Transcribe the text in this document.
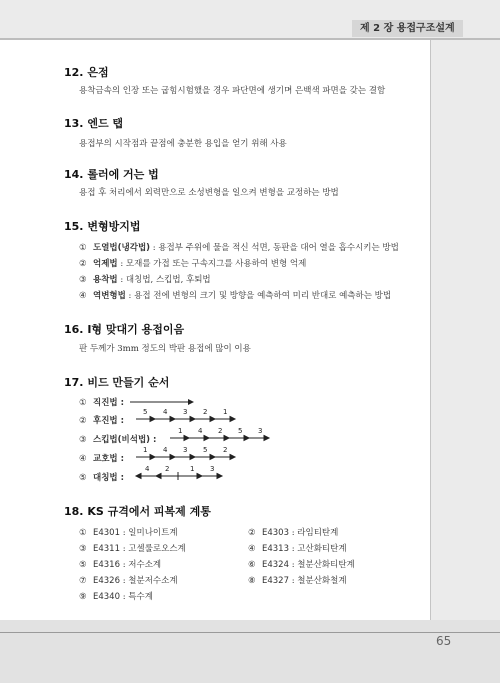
제 2 장 용접구조설계
12. 은점
용착금속의 인장 또는 굽힘시험했을 경우 파단면에 생기며 은백색 파면을 갖는 결함
13. 엔드 탭
용접부의 시작점과 끝점에 충분한 용입을 얻기 위해 사용
14. 롤러에 거는 법
용접 후 처리에서 외력만으로 소성변형을 일으켜 변형을 교정하는 방법
15. 변형방지법
① 도열법(냉각법) : 용접부 주위에 물을 적신 석면, 동판을 대어 열을 흡수시키는 방법
② 억제법 : 모재를 가접 또는 구속지그를 사용하여 변형 억제
③ 용착법 : 대칭법, 스킵법, 후퇴법
④ 역변형법 : 용접 전에 변형의 크기 및 방향을 예측하여 미리 반대로 예측하는 방법
16. I형 맞대기 용접이음
판 두께가 3mm 정도의 박판 용접에 많이 이용
17. 비드 만들기 순서
① 직진법 :
② 후진법 :
5 4 3 2 1
③ 스킵법(비석법) :
1 4 2 5 3
④ 교호법 :
1 4 3 5 2
⑤ 대칭법 :
4 2	1 3
18. KS 규격에서 피복제 계통
① E4301 : 일미나이트계	② E4303 : 라임티탄계
③ E4311 : 고셀룰로오스계	④ E4313 : 고산화티탄계
⑤ E4316 : 저수소계	⑥ E4324 : 철분산화티탄계
⑦ E4326 : 철분저수소계	⑧ E4327 : 철분산화철계
⑨ E4340 : 특수계
65
